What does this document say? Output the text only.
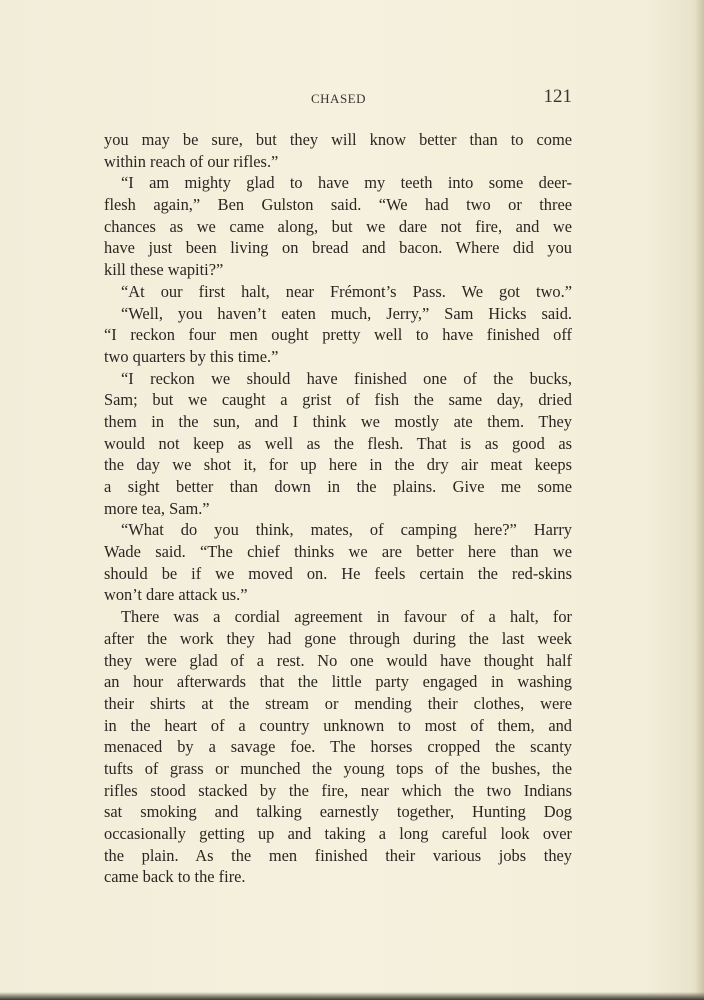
CHASED	121
you may be sure, but they will know better than to come
within reach of our rifles.”
“I am mighty glad to have my teeth into some deer-
flesh again,” Ben Gulston said. “We had two or three
chances as we came along, but we dare not fire, and we
have just been living on bread and bacon. Where did you
kill these wapiti?”
“At our first halt, near Frémont’s Pass. We got two.”
“Well, you haven’t eaten much, Jerry,” Sam Hicks said.
“I reckon four men ought pretty well to have finished off
two quarters by this time.”
“I reckon we should have finished one of the bucks,
Sam; but we caught a grist of fish the same day, dried
them in the sun, and I think we mostly ate them. They
would not keep as well as the flesh. That is as good as
the day we shot it, for up here in the dry air meat keeps
a sight better than down in the plains. Give me some
more tea, Sam.”
“What do you think, mates, of camping here?” Harry
Wade said. “The chief thinks we are better here than we
should be if we moved on. He feels certain the red-skins
won’t dare attack us.”
There was a cordial agreement in favour of a halt, for
after the work they had gone through during the last week
they were glad of a rest. No one would have thought half
an hour afterwards that the little party engaged in washing
their shirts at the stream or mending their clothes, were
in the heart of a country unknown to most of them, and
menaced by a savage foe. The horses cropped the scanty
tufts of grass or munched the young tops of the bushes, the
rifles stood stacked by the fire, near which the two Indians
sat smoking and talking earnestly together, Hunting Dog
occasionally getting up and taking a long careful look over
the plain. As the men finished their various jobs they
came back to the fire.
